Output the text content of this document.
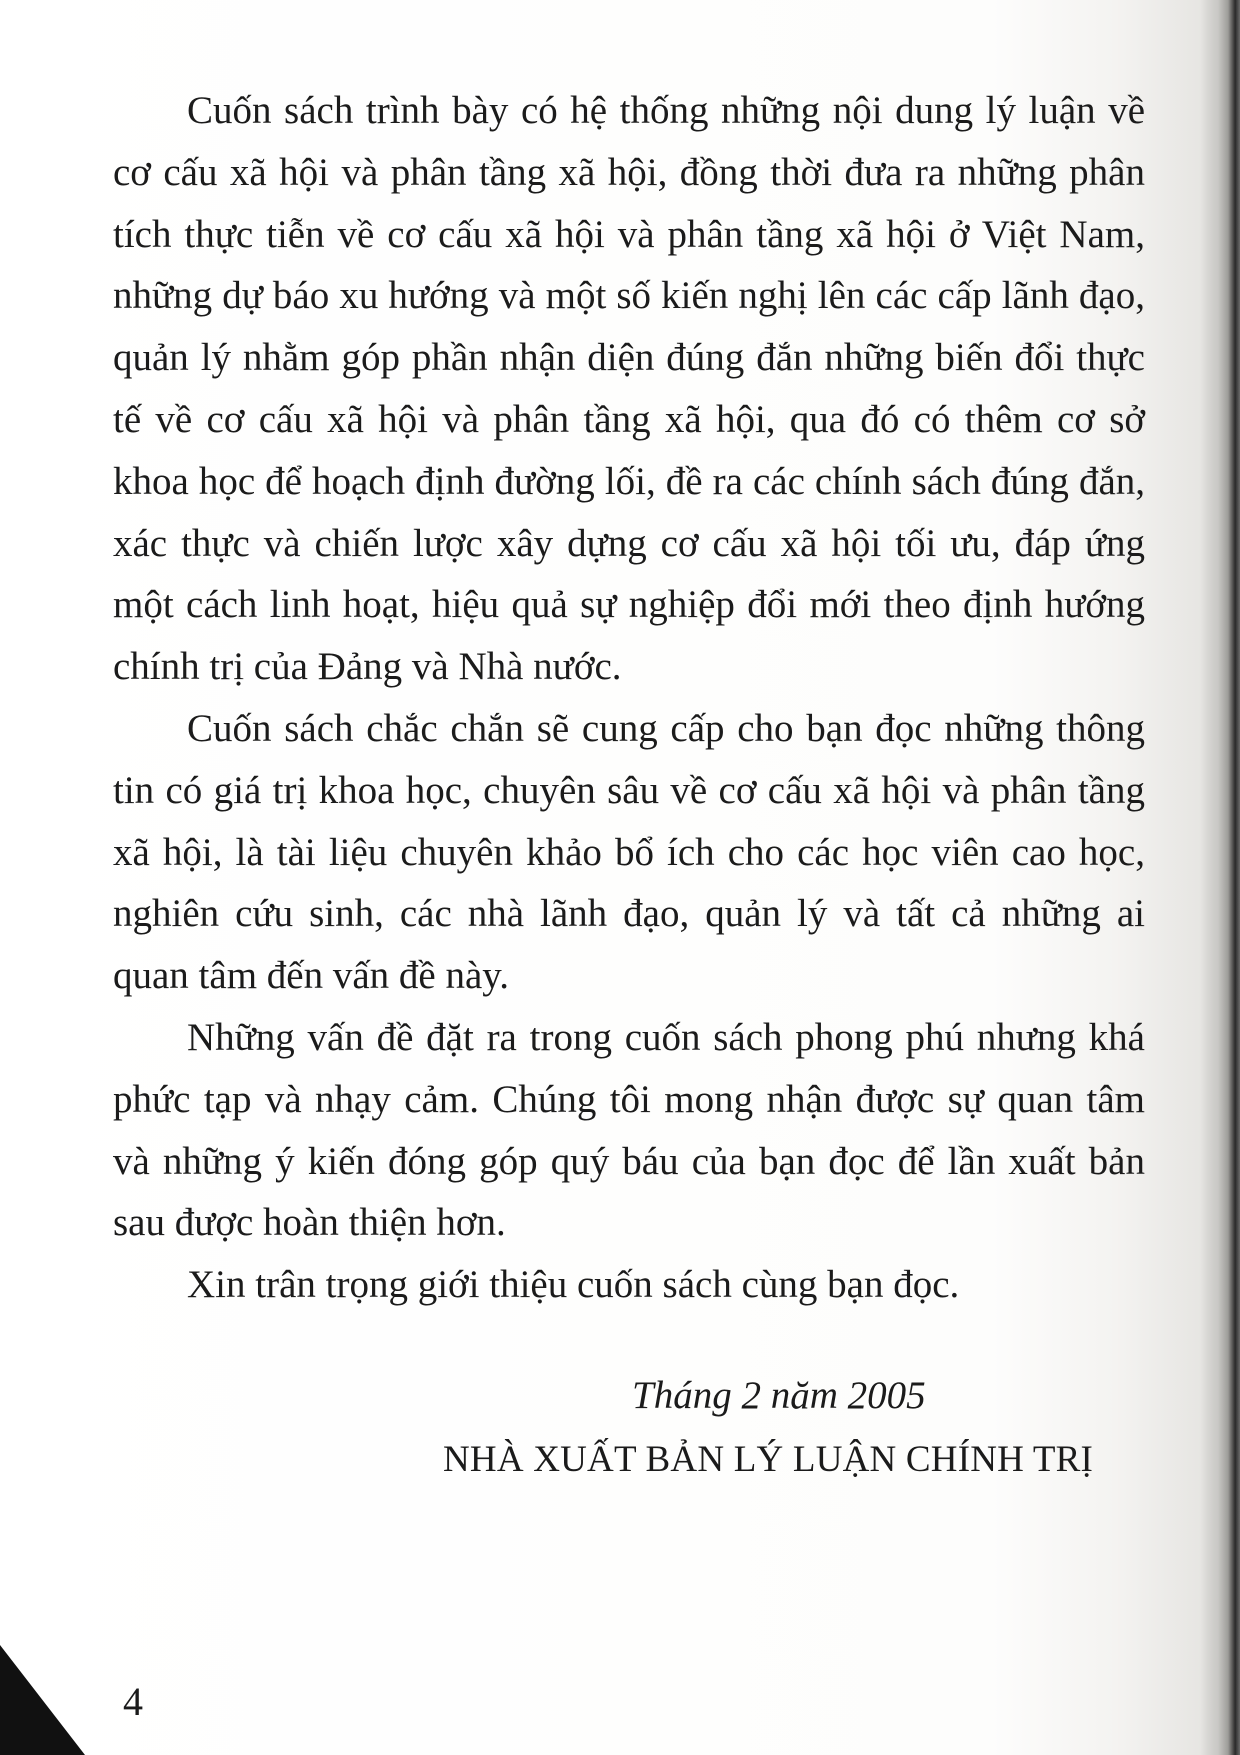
Cuốn sách trình bày có hệ thống những nội dung lý luận về cơ cấu xã hội và phân tầng xã hội, đồng thời đưa ra những phân tích thực tiễn về cơ cấu xã hội và phân tầng xã hội ở Việt Nam, những dự báo xu hướng và một số kiến nghị lên các cấp lãnh đạo, quản lý nhằm góp phần nhận diện đúng đắn những biến đổi thực tế về cơ cấu xã hội và phân tầng xã hội, qua đó có thêm cơ sở khoa học để hoạch định đường lối, đề ra các chính sách đúng đắn, xác thực và chiến lược xây dựng cơ cấu xã hội tối ưu, đáp ứng một cách linh hoạt, hiệu quả sự nghiệp đổi mới theo định hướng chính trị của Đảng và Nhà nước.

Cuốn sách chắc chắn sẽ cung cấp cho bạn đọc những thông tin có giá trị khoa học, chuyên sâu về cơ cấu xã hội và phân tầng xã hội, là tài liệu chuyên khảo bổ ích cho các học viên cao học, nghiên cứu sinh, các nhà lãnh đạo, quản lý và tất cả những ai quan tâm đến vấn đề này.

Những vấn đề đặt ra trong cuốn sách phong phú nhưng khá phức tạp và nhạy cảm. Chúng tôi mong nhận được sự quan tâm và những ý kiến đóng góp quý báu của bạn đọc để lần xuất bản sau được hoàn thiện hơn.

Xin trân trọng giới thiệu cuốn sách cùng bạn đọc.

Tháng 2 năm 2005
NHÀ XUẤT BẢN LÝ LUẬN CHÍNH TRỊ
4
